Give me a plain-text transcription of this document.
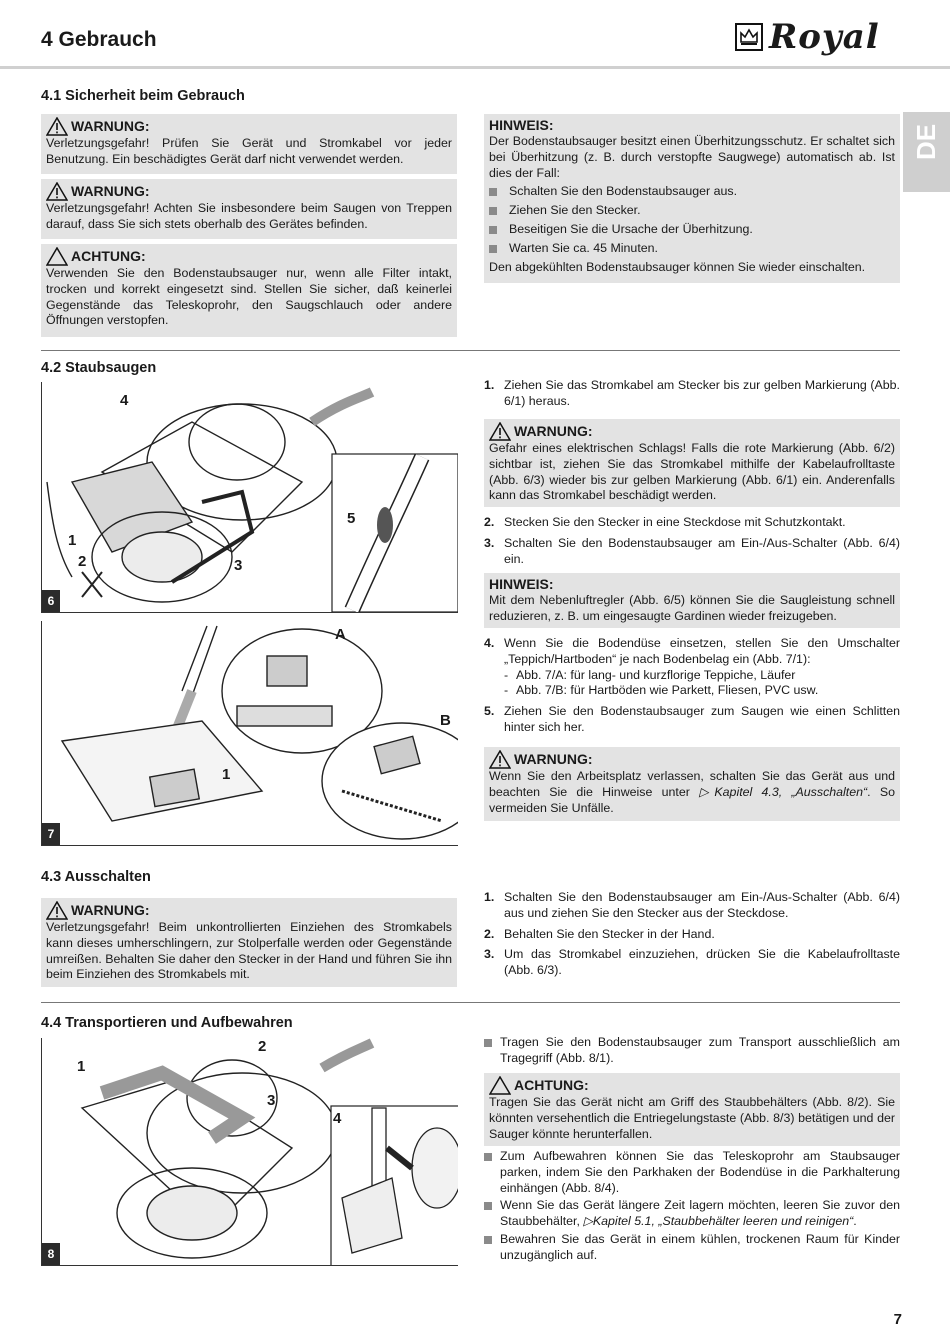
4 Gebrauch	Royal
DE
4.1 Sicherheit beim Gebrauch
WARNUNG:

Verletzungsgefahr! Prüfen Sie Gerät und Stromkabel vor jeder Benutzung. Ein beschädigtes Gerät darf nicht verwendet werden.

WARNUNG:

Verletzungsgefahr! Achten Sie insbesondere beim Saugen von Treppen darauf, dass Sie sich stets oberhalb des Gerätes befinden.

ACHTUNG:

Verwenden Sie den Bodenstaubsauger nur, wenn alle Filter intakt, trocken und korrekt eingesetzt sind. Stellen Sie sicher, daß keinerlei Gegenstände das Teleskoprohr, den Saugschlauch oder andere Öffnungen verstopfen.

HINWEIS:

Der Bodenstaubsauger besitzt einen Überhitzungsschutz. Er schaltet sich bei Überhitzung (z. B. durch verstopfte Saugwege) automatisch ab. Ist dies der Fall:

Schalten Sie den Bodenstaubsauger aus.
Ziehen Sie den Stecker.
Beseitigen Sie die Ursache der Überhitzung.
Warten Sie ca. 45 Minuten.

Den abgekühlten Bodenstaubsauger können Sie wieder einschalten.

4.2 Staubsaugen
4
1
2	3
5
6
A
B
1
7
1. Ziehen Sie das Stromkabel am Stecker bis zur gelben Markierung (Abb. 6/1) heraus.
WARNUNG:

Gefahr eines elektrischen Schlags! Falls die rote Markierung (Abb. 6/2) sichtbar ist, ziehen Sie das Stromkabel mithilfe der Kabelaufrolltaste (Abb. 6/3) wieder bis zur gelben Markierung (Abb. 6/1) ein. Anderenfalls kann das Stromkabel beschädigt werden.

2. Stecken Sie den Stecker in eine Steckdose mit Schutzkontakt.
3. Schalten Sie den Bodenstaubsauger am Ein-/Aus-Schalter (Abb. 6/4) ein.
HINWEIS:

Mit dem Nebenluftregler (Abb. 6/5) können Sie die Saugleistung schnell reduzieren, z. B. um eingesaugte Gardinen wieder freizugeben.

4. Wenn Sie die Bodendüse einsetzen, stellen Sie den Umschalter „Teppich/Hartboden“ je nach Bodenbelag ein (Abb. 7/1):
- Abb. 7/A: für lang- und kurzflorige Teppiche, Läufer
- Abb. 7/B: für Hartböden wie Parkett, Fliesen, PVC usw.
5. Ziehen Sie den Bodenstaubsauger zum Saugen wie einen Schlitten hinter sich her.
WARNUNG:

Wenn Sie den Arbeitsplatz verlassen, schalten Sie das Gerät aus und beachten Sie die Hinweise unter ▷Kapitel 4.3, „Ausschalten“. So vermeiden Sie Unfälle.

4.3 Ausschalten
WARNUNG:

Verletzungsgefahr! Beim unkontrollierten Einziehen des Stromkabels kann dieses umherschlingern, zur Stolperfalle werden oder Gegenstände umreißen. Behalten Sie daher den Stecker in der Hand und führen Sie ihn beim Einziehen des Stromkabels mit.

1. Schalten Sie den Bodenstaubsauger am Ein-/Aus-Schalter (Abb. 6/4) aus und ziehen Sie den Stecker aus der Steckdose.
2. Behalten Sie den Stecker in der Hand.
3. Um das Stromkabel einzuziehen, drücken Sie die Kabelaufrolltaste (Abb. 6/3).
4.4 Transportieren und Aufbewahren
1
2
3
4
8
Tragen Sie den Bodenstaubsauger zum Transport ausschließlich am Tragegriff (Abb. 8/1).
ACHTUNG:

Tragen Sie das Gerät nicht am Griff des Staubbehälters (Abb. 8/2). Sie könnten versehentlich die Entriegelungstaste (Abb. 8/3) betätigen und der Sauger könnte herunterfallen.

Zum Aufbewahren können Sie das Teleskoprohr am Staubsauger parken, indem Sie den Parkhaken der Bodendüse in die Parkhalterung einhängen (Abb. 8/4).
Wenn Sie das Gerät längere Zeit lagern möchten, leeren Sie zuvor den Staubbehälter, ▷Kapitel 5.1, „Staubbehälter leeren und reinigen“.
Bewahren Sie das Gerät in einem kühlen, trockenen Raum für Kinder unzugänglich auf.
7
